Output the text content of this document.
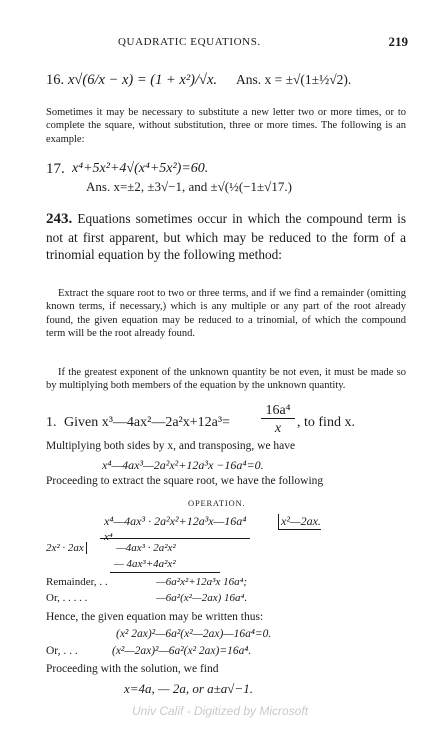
QUADRATIC EQUATIONS.	219
16. x√(6/x − x) = (1 + x²)/√x. Ans. x = ±√(1±½√2).
Sometimes it may be necessary to substitute a new letter two or more times, or to complete the square, without substitution, three or more times. The following is an example:
17. x⁴+5x²+4√(x⁴+5x²)=60.
Ans. x=±2, ±3√−1, and ±√(½(−1±√17.)
243. Equations sometimes occur in which the compound term is not at first apparent, but which may be reduced to the form of a trinomial equation by the following method:
Extract the square root to two or three terms, and if we find a remainder (omitting known terms, if necessary,) which is any multiple or any part of the root already found, the given equation may be reduced to a trinomial, of which the compound term will be the root already found.
If the greatest exponent of the unknown quantity be not even, it must be made so by multiplying both members of the equation by the unknown quantity.
1. Given x³—4ax²—2a²x+12a³=
16a⁴
x	, to find x.
Multiplying both sides by x, and transposing, we have
x⁴—4ax³—2a²x²+12a³x −16a⁴=0.
Proceeding to extract the square root, we have the following
OPERATION.
x⁴—4ax³ · 2a²x²+12a³x—16a⁴	x²—2ax.
x⁴
2x² · 2ax	—4ax³ · 2a²x²
— 4ax³+4a²x²
Remainder, . .	—6a²x²+12a³x 16a⁴;
Or, . . . . .	—6a²(x²—2ax) 16a⁴.
Hence, the given equation may be written thus:
(x² 2ax)²—6a²(x²—2ax)—16a⁴=0.
Or, . . .	(x²—2ax)²—6a²(x² 2ax)=16a⁴.
Proceeding with the solution, we find
x=4a, — 2a, or a±a√−1.
Univ Calif - Digitized by Microsoft
